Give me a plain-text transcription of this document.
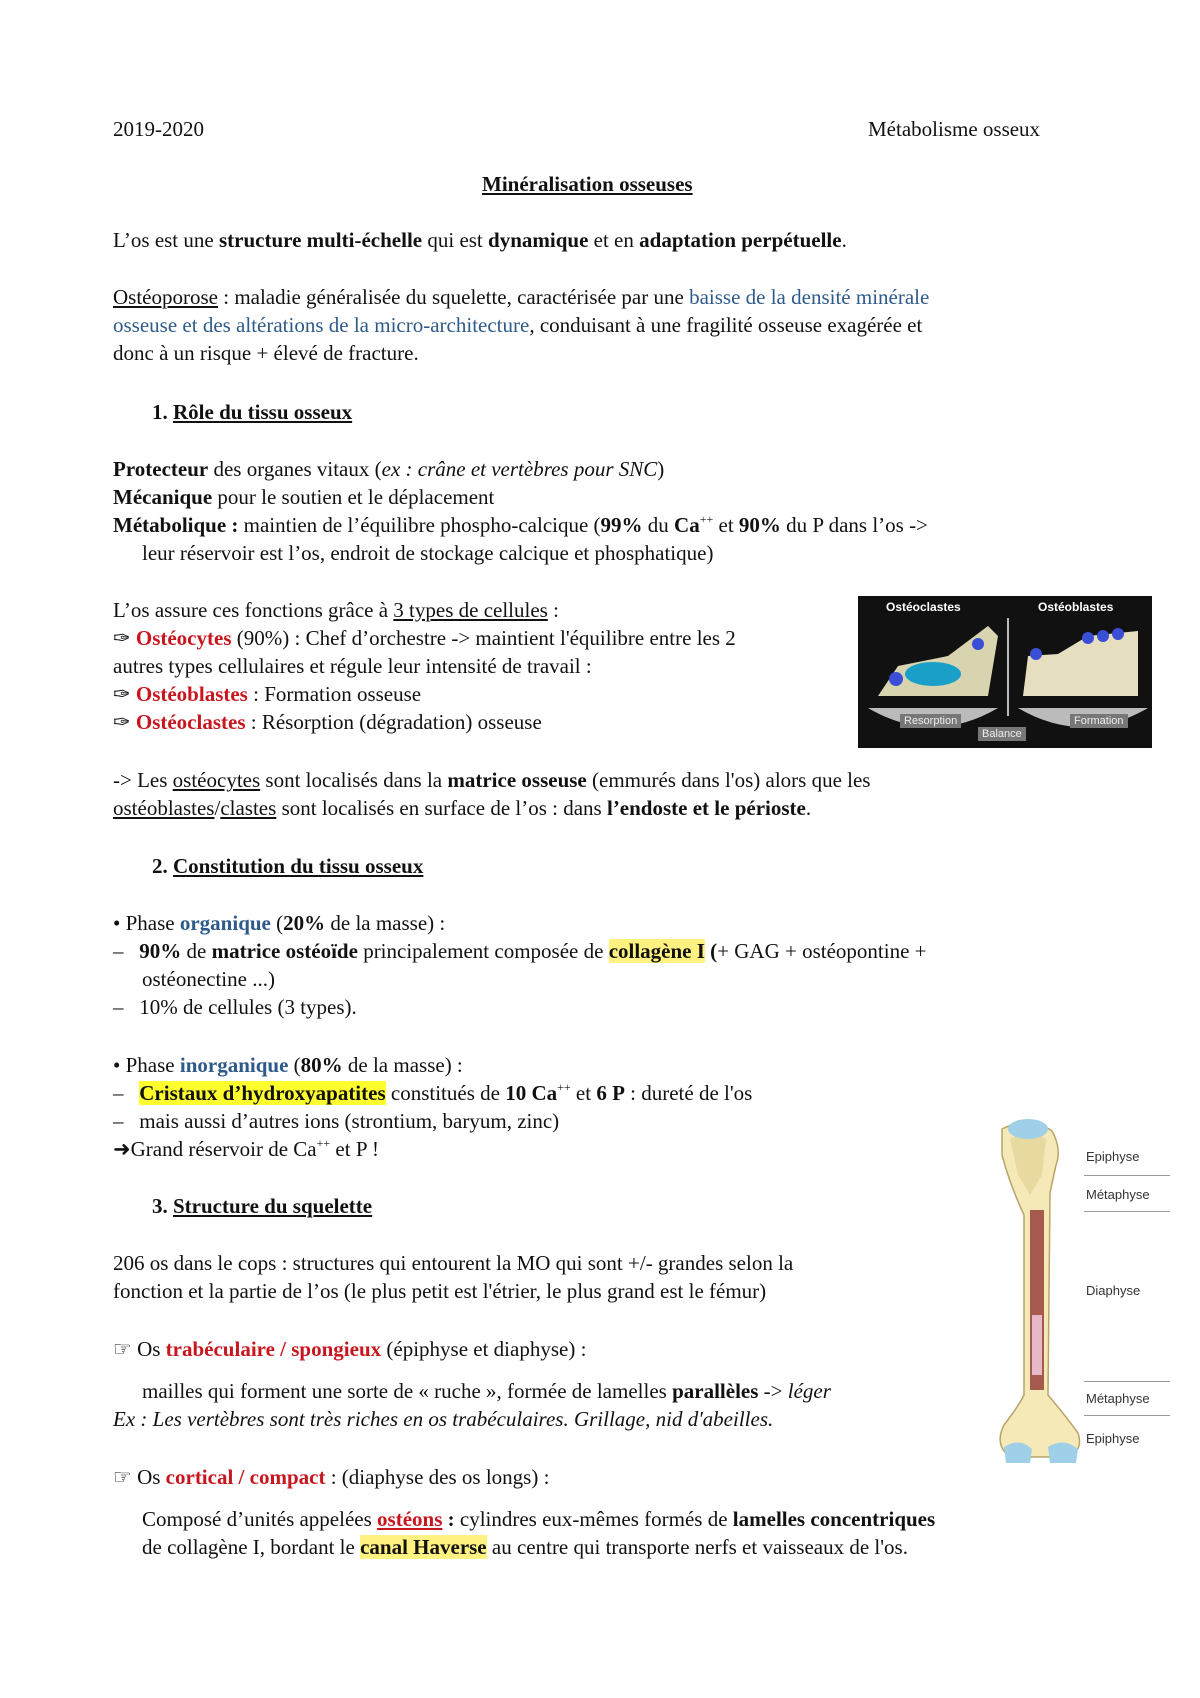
2019-2020	Métabolisme osseux
Minéralisation osseuses
L’os est une structure multi-échelle qui est dynamique et en adaptation perpétuelle.
Ostéoporose : maladie généralisée du squelette, caractérisée par une baisse de la densité minérale
osseuse et des altérations de la micro-architecture, conduisant à une fragilité osseuse exagérée et
donc à un risque + élevé de fracture.
1. Rôle du tissu osseux
Protecteur des organes vitaux (ex : crâne et vertèbres pour SNC)
Mécanique pour le soutien et le déplacement
Métabolique : maintien de l’équilibre phospho-calcique (99% du Ca++ et 90% du P dans l’os ->
leur réservoir est l’os, endroit de stockage calcique et phosphatique)
L’os assure ces fonctions grâce à 3 types de cellules :
✑ Ostéocytes (90%) : Chef d’orchestre -> maintient l'équilibre entre les 2
autres types cellulaires et régule leur intensité de travail :
✑ Ostéoblastes : Formation osseuse
✑ Ostéoclastes : Résorption (dégradation) osseuse
-> Les ostéocytes sont localisés dans la matrice osseuse (emmurés dans l'os) alors que les
ostéoblastes/clastes sont localisés en surface de l’os : dans l’endoste et le périoste.
Ostéoclastes	Ostéoblastes
Resorption
Balance
Formation
2. Constitution du tissu osseux
• Phase organique (20% de la masse) :
– 90% de matrice ostéoïde principalement composée de collagène I (+ GAG + ostéopontine +
ostéonectine ...)
– 10% de cellules (3 types).
• Phase inorganique (80% de la masse) :
– Cristaux d’hydroxyapatites constitués de 10 Ca++ et 6 P : dureté de l'os
– mais aussi d’autres ions (strontium, baryum, zinc)
➜Grand réservoir de Ca++ et P !
3. Structure du squelette
206 os dans le cops : structures qui entourent la MO qui sont +/- grandes selon la
fonction et la partie de l’os (le plus petit est l'étrier, le plus grand est le fémur)
☞ Os trabéculaire / spongieux (épiphyse et diaphyse) :
mailles qui forment une sorte de « ruche », formée de lamelles parallèles -> léger
Ex : Les vertèbres sont très riches en os trabéculaires. Grillage, nid d'abeilles.
☞ Os cortical / compact : (diaphyse des os longs) :
Composé d’unités appelées ostéons : cylindres eux-mêmes formés de lamelles concentriques
de collagène I, bordant le canal Haverse au centre qui transporte nerfs et vaisseaux de l'os.
Epiphyse
Métaphyse
Diaphyse
Métaphyse
Epiphyse
